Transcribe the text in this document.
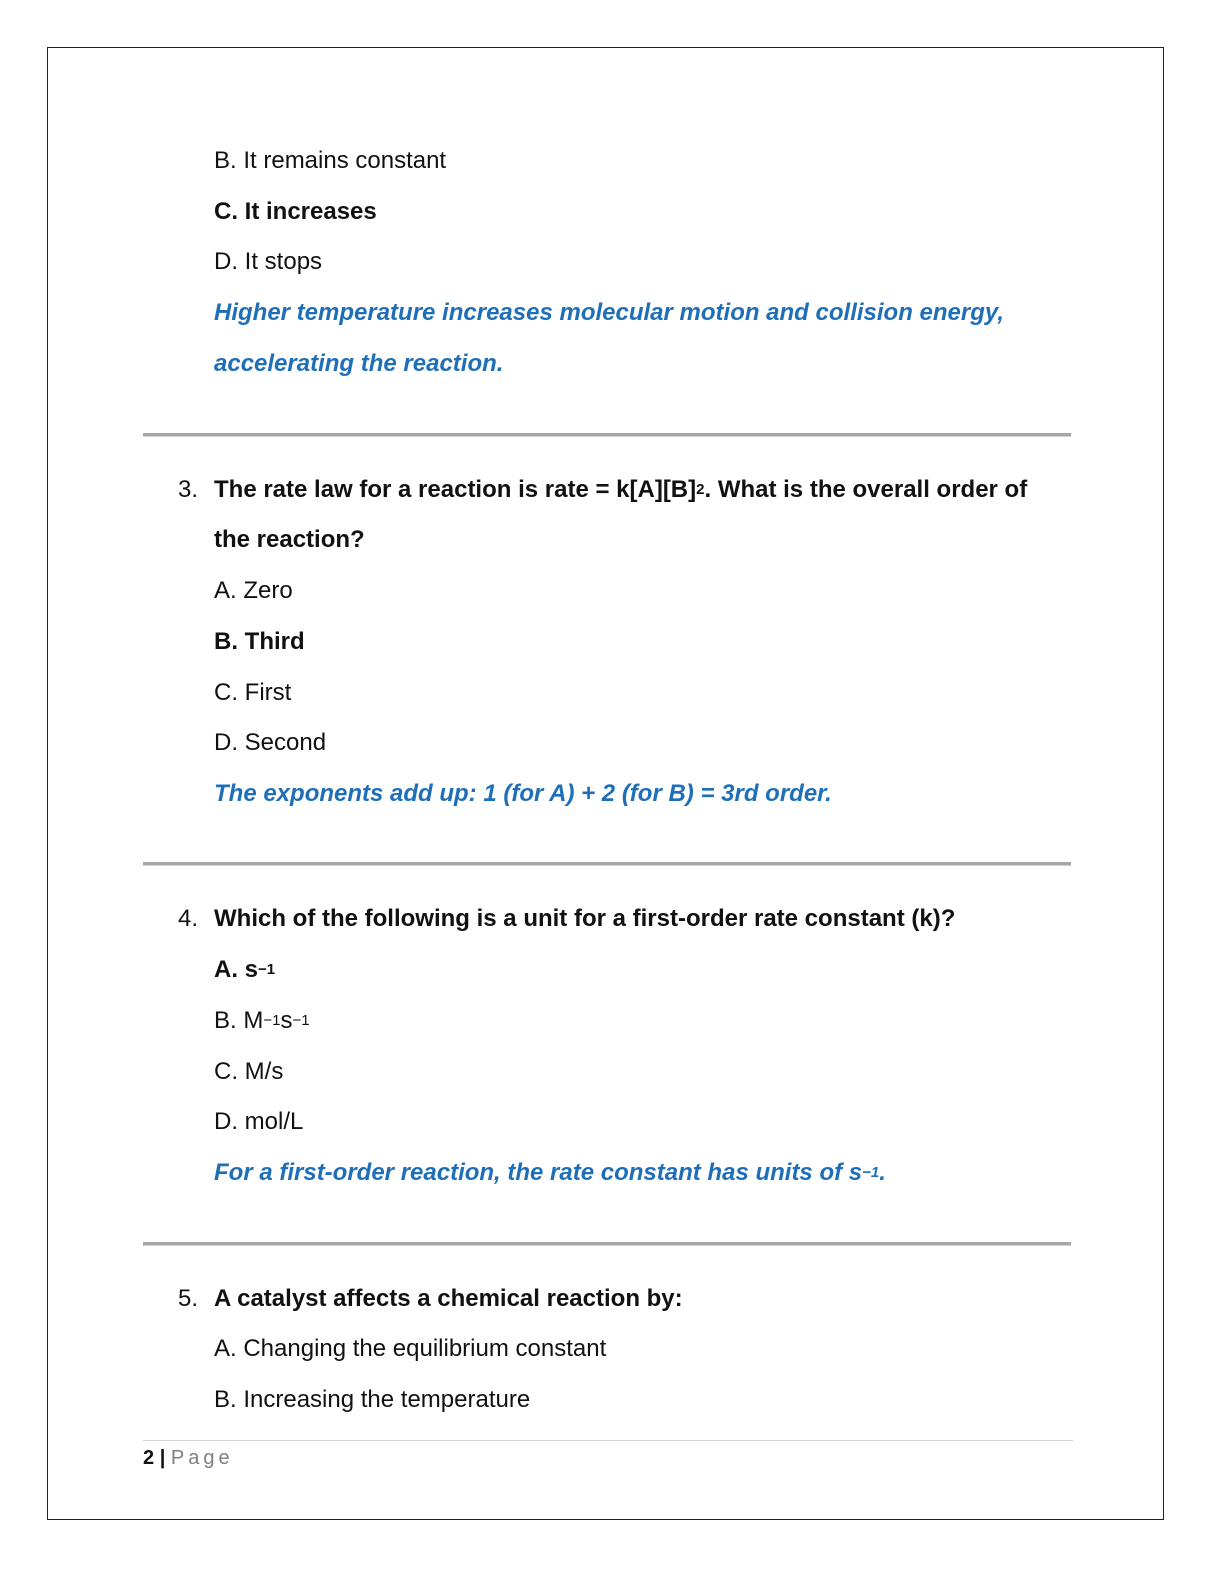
B. It remains constant
C. It increases
D. It stops
Higher temperature increases molecular motion and collision energy,
accelerating the reaction.
3. The rate law for a reaction is rate = $k[A][B]^2$. What is the overall order of
the reaction?
A. Zero
B. Third
C. First
D. Second
The exponents add up: 1 (for A) + 2 (for B) = 3rd order.
4. Which of the following is a unit for a first-order rate constant (k)?
A. $s^{-1}$
B. $M^{-1}s^{-1}$
C. M/s
D. mol/L
For a first-order reaction, the rate constant has units of $s^{-1}$.
5. A catalyst affects a chemical reaction by:
A. Changing the equilibrium constant
B. Increasing the temperature
2 | Page
